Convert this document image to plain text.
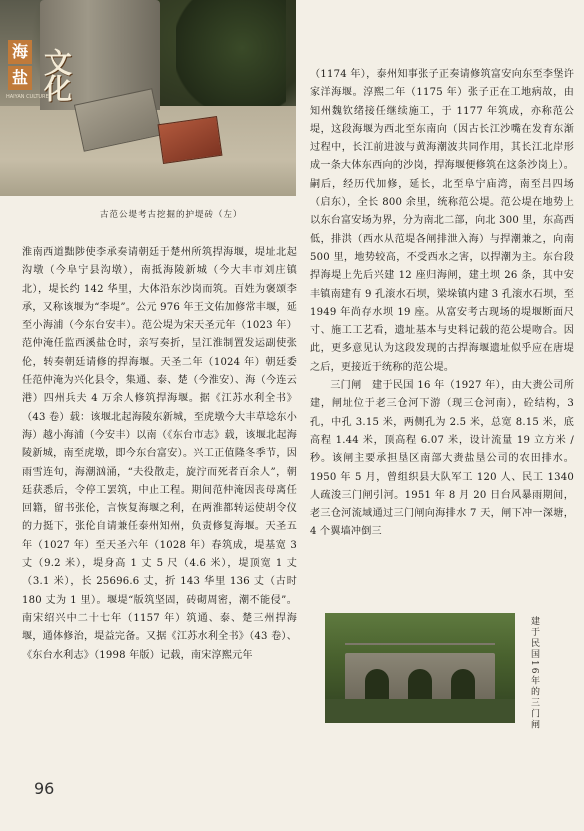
海
盐 文化
HAIYAN CULTURE
古范公堤考古挖掘的护堤砖（左）

淮南西道黜陟使李承奏请朝廷于楚州所筑捍海堰，堤址北起沟墩（今阜宁县沟墩），南抵海陵新城（今大丰市刘庄镇北），堤长约 142 华里，大体沿东沙岗而筑。百姓为褒颂李承，又称该堰为“李堤”。公元 976 年王文佑加修常丰堰，延至小海浦（今东台安丰）。范公堤为宋天圣元年（1023 年）范仲淹任监西溪盐仓时，亲写奏折，呈江淮制置发运副使张伦，转奏朝廷请修的捍海堰。天圣二年（1024 年）朝廷委任范仲淹为兴化县令，集通、泰、楚（今淮安）、海（今连云港）四州兵夫 4 万余人修筑捍海堰。据《江苏水利全书》（43 卷）载：该堰北起海陵东新城，至虎墩今大丰草埝东小海）越小海浦（今安丰）以南（《东台市志》载，该堰北起海陵新城，南至虎墩，即今东台富安）。兴工正值隆冬季节，因雨雪连旬，海潮汹涌，“夫役散走，旋泞而死者百余人”，朝廷获悉后，令停工罢筑，中止工程。期间范仲淹因丧母离任回籍，留书张伦，言恢复海堰之利，在两淮都转运使胡令仪的力挺下，张伦自请兼任泰州知州，负责修复海堰。天圣五年（1027 年）至天圣六年（1028 年）春筑成，堤基宽 3 丈（9.2 米），堤身高 1 丈 5 尺（4.6 米），堤顶宽 1 丈（3.1 米），长 25696.6 丈，折 143 华里 136 丈（古时 180 丈为 1 里）。堰堤“版筑坚固，砖砌周密，潮不能侵”。南宋绍兴中二十七年（1157 年）筑通、泰、楚三州捍海堰，通体修治，堤益完备。又据《江苏水利全书》（43 卷）、《东台水利志》（1998 年版）记载，南宋淳熙元年

（1174 年），泰州知事张子正奏请修筑富安向东至李堡许家洋海堰。淳熙二年（1175 年）张子正在工地病故，由知州魏钦绪接任继续施工，于 1177 年筑成，亦称范公堤，这段海堰为西北至东南向（因古长江沙嘴在发育东渐过程中，长江前进波与黄海潮波共同作用，其长江北岸形成一条大体东西向的沙岗，捍海堰便修筑在这条沙岗上）。嗣后，经历代加修，延长，北至阜宁庙湾，南至吕四场（启东），全长 800 余里，统称范公堤。范公堤在地势上以东台富安场为界，分为南北二部，向北 300 里，东高西低，排洪（西水从范堤各闸排泄入海）与捍潮兼之，向南 500 里，地势较高，不受西水之害，以捍潮为主。东台段捍海堤上先后兴建 12 座归海闸，建土坝 26 条，其中安丰镇南建有 9 孔滚水石坝，梁垛镇内建 3 孔滚水石坝，至 1949 年尚存水坝 19 座。从富安考古现场的堤堰断面尺寸、施工工艺看，遗址基本与史料记载的范公堤吻合。因此，更多意见认为这段发现的古捍海堰遗址似乎应在唐堤之后，更接近于统称的范公堤。

三门闸　建于民国 16 年（1927 年），由大赉公司所建，闸址位于老三仓河下游（现三仓河南），砼结构，3 孔，中孔 3.15 米，两侧孔为 2.5 米，总宽 8.15 米，底高程 1.44 米，顶高程 6.07 米，设计流量 19 立方米 / 秒。该闸主要承担垦区南部大赉盐垦公司的农田排水。1950 年 5 月，曾组织县大队军工 120 人、民工 1340 人疏浚三门闸引河。1951 年 8 月 20 日台风暴雨期间，老三仓河流域通过三门闸向海排水 7 天，闸下冲一深塘，4 个翼墙冲倒三

建于民国16年的三门闸
96
